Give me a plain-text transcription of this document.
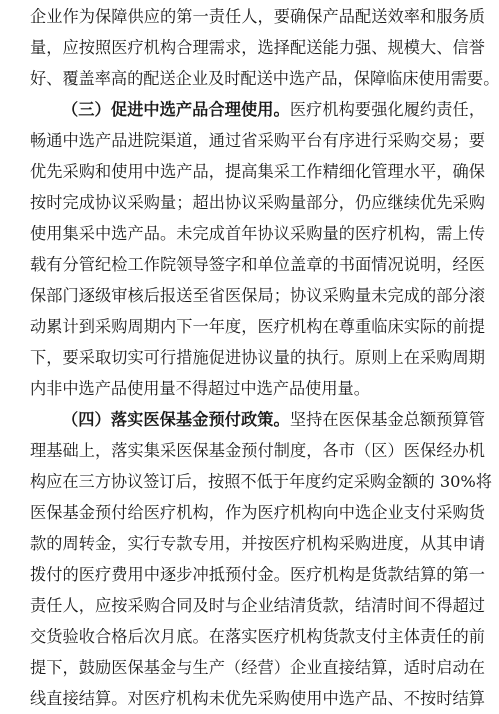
企业作为保障供应的第一责任人，要确保产品配送效率和服务质
量，应按照医疗机构合理需求，选择配送能力强、规模大、信誉
好、覆盖率高的配送企业及时配送中选产品，保障临床使用需要。
（三）促进中选产品合理使用。医疗机构要强化履约责任，
畅通中选产品进院渠道，通过省采购平台有序进行采购交易；要
优先采购和使用中选产品，提高集采工作精细化管理水平，确保
按时完成协议采购量；超出协议采购量部分，仍应继续优先采购
使用集采中选产品。未完成首年协议采购量的医疗机构，需上传
载有分管纪检工作院领导签字和单位盖章的书面情况说明，经医
保部门逐级审核后报送至省医保局；协议采购量未完成的部分滚
动累计到采购周期内下一年度，医疗机构在尊重临床实际的前提
下，要采取切实可行措施促进协议量的执行。原则上在采购周期
内非中选产品使用量不得超过中选产品使用量。
（四）落实医保基金预付政策。坚持在医保基金总额预算管
理基础上，落实集采医保基金预付制度，各市（区）医保经办机
构应在三方协议签订后，按照不低于年度约定采购金额的 30%将
医保基金预付给医疗机构，作为医疗机构向中选企业支付采购货
款的周转金，实行专款专用，并按医疗机构采购进度，从其申请
拨付的医疗费用中逐步冲抵预付金。医疗机构是货款结算的第一
责任人，应按采购合同及时与企业结清货款，结清时间不得超过
交货验收合格后次月底。在落实医疗机构货款支付主体责任的前
提下，鼓励医保基金与生产（经营）企业直接结算，适时启动在
线直接结算。对医疗机构未优先采购使用中选产品、不按时结算
